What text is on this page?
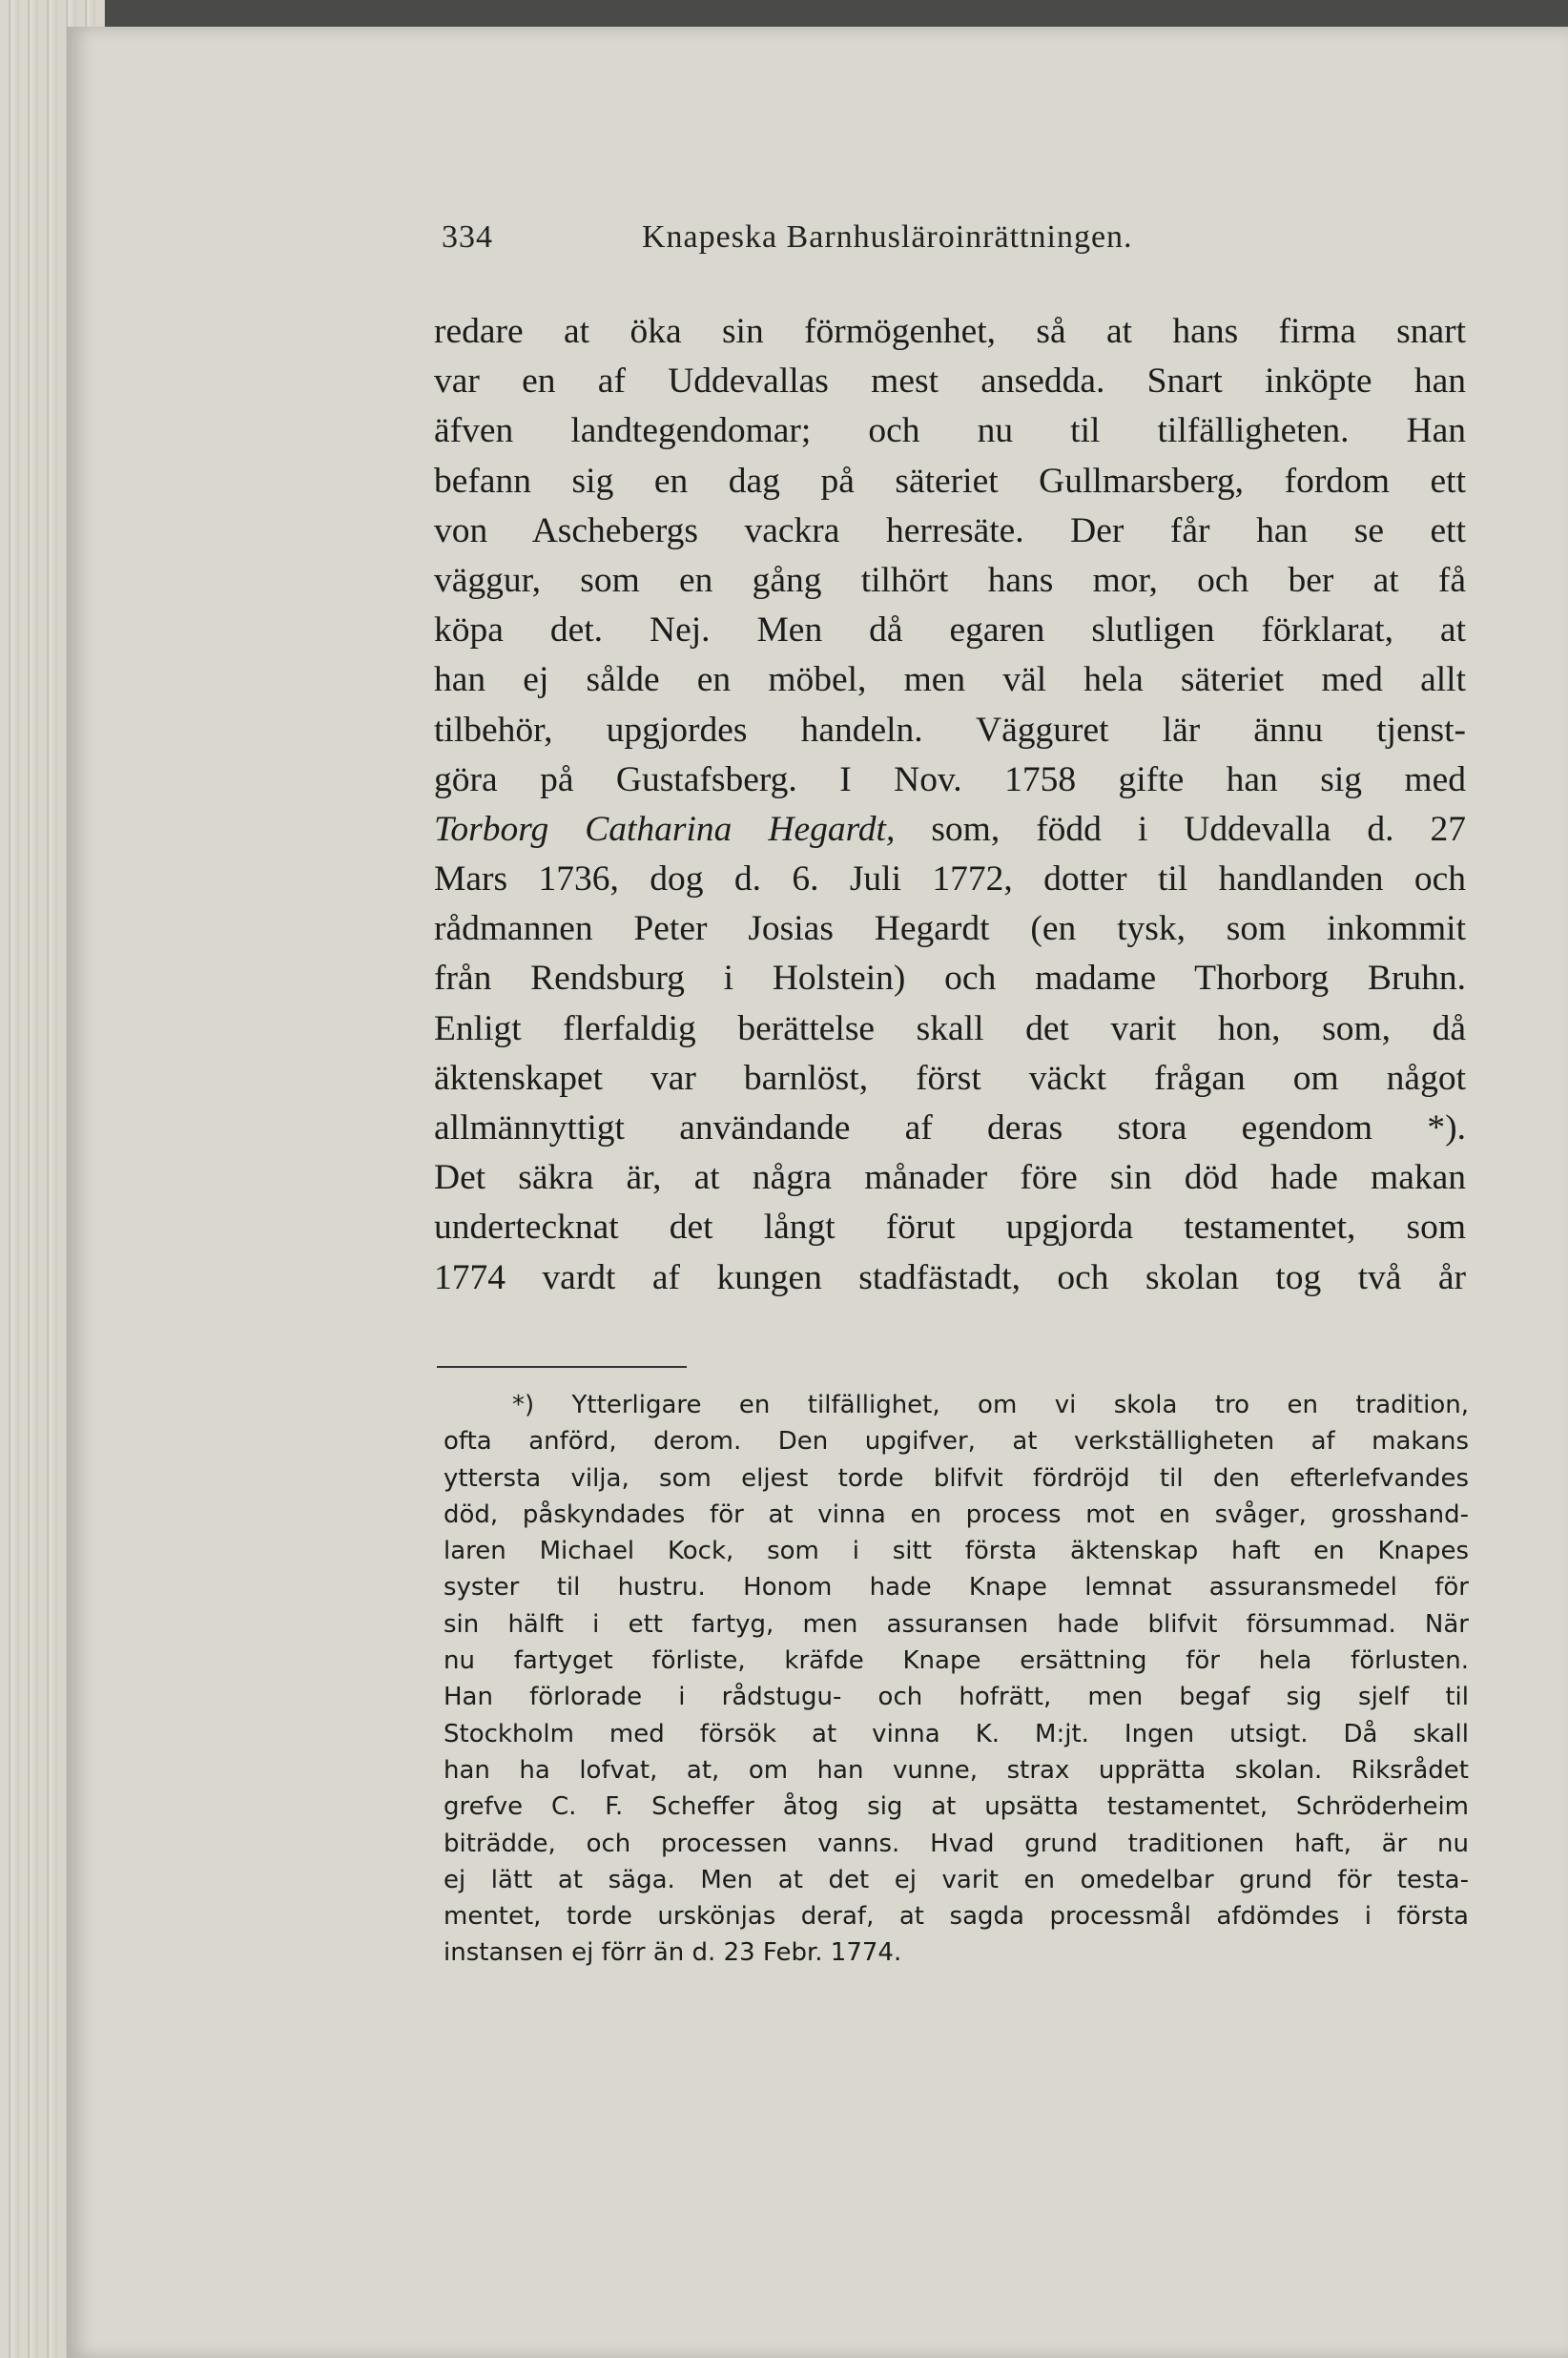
334	Knapeska Barnhusläroinrättningen.
redare at öka sin förmögenhet, så at hans firma snart
var en af Uddevallas mest ansedda. Snart inköpte han
äfven landtegendomar; och nu til tilfälligheten. Han
befann sig en dag på säteriet Gullmarsberg, fordom ett
von Aschebergs vackra herresäte. Der får han se ett
väggur, som en gång tilhört hans mor, och ber at få
köpa det. Nej. Men då egaren slutligen förklarat, at
han ej sålde en möbel, men väl hela säteriet med allt
tilbehör, upgjordes handeln. Vägguret lär ännu tjenst-
göra på Gustafsberg. I Nov. 1758 gifte han sig med
Torborg Catharina Hegardt, som, född i Uddevalla d. 27
Mars 1736, dog d. 6. Juli 1772, dotter til handlanden och
rådmannen Peter Josias Hegardt (en tysk, som inkommit
från Rendsburg i Holstein) och madame Thorborg Bruhn.
Enligt flerfaldig berättelse skall det varit hon, som, då
äktenskapet var barnlöst, först väckt frågan om något
allmännyttigt användande af deras stora egendom *).
Det säkra är, at några månader före sin död hade makan
undertecknat det långt förut upgjorda testamentet, som
1774 vardt af kungen stadfästadt, och skolan tog två år
*) Ytterligare en tilfällighet, om vi skola tro en tradition,
ofta anförd, derom. Den upgifver, at verkställigheten af makans
yttersta vilja, som eljest torde blifvit fördröjd til den efterlefvandes
död, påskyndades för at vinna en process mot en svåger, grosshand-
laren Michael Kock, som i sitt första äktenskap haft en Knapes
syster til hustru. Honom hade Knape lemnat assuransmedel för
sin hälft i ett fartyg, men assuransen hade blifvit försummad. När
nu fartyget förliste, kräfde Knape ersättning för hela förlusten.
Han förlorade i rådstugu- och hofrätt, men begaf sig sjelf til
Stockholm med försök at vinna K. M:jt. Ingen utsigt. Då skall
han ha lofvat, at, om han vunne, strax upprätta skolan. Riksrådet
grefve C. F. Scheffer åtog sig at upsätta testamentet, Schröderheim
biträdde, och processen vanns. Hvad grund traditionen haft, är nu
ej lätt at säga. Men at det ej varit en omedelbar grund för testa-
mentet, torde urskönjas deraf, at sagda processmål afdömdes i första
instansen ej förr än d. 23 Febr. 1774.
